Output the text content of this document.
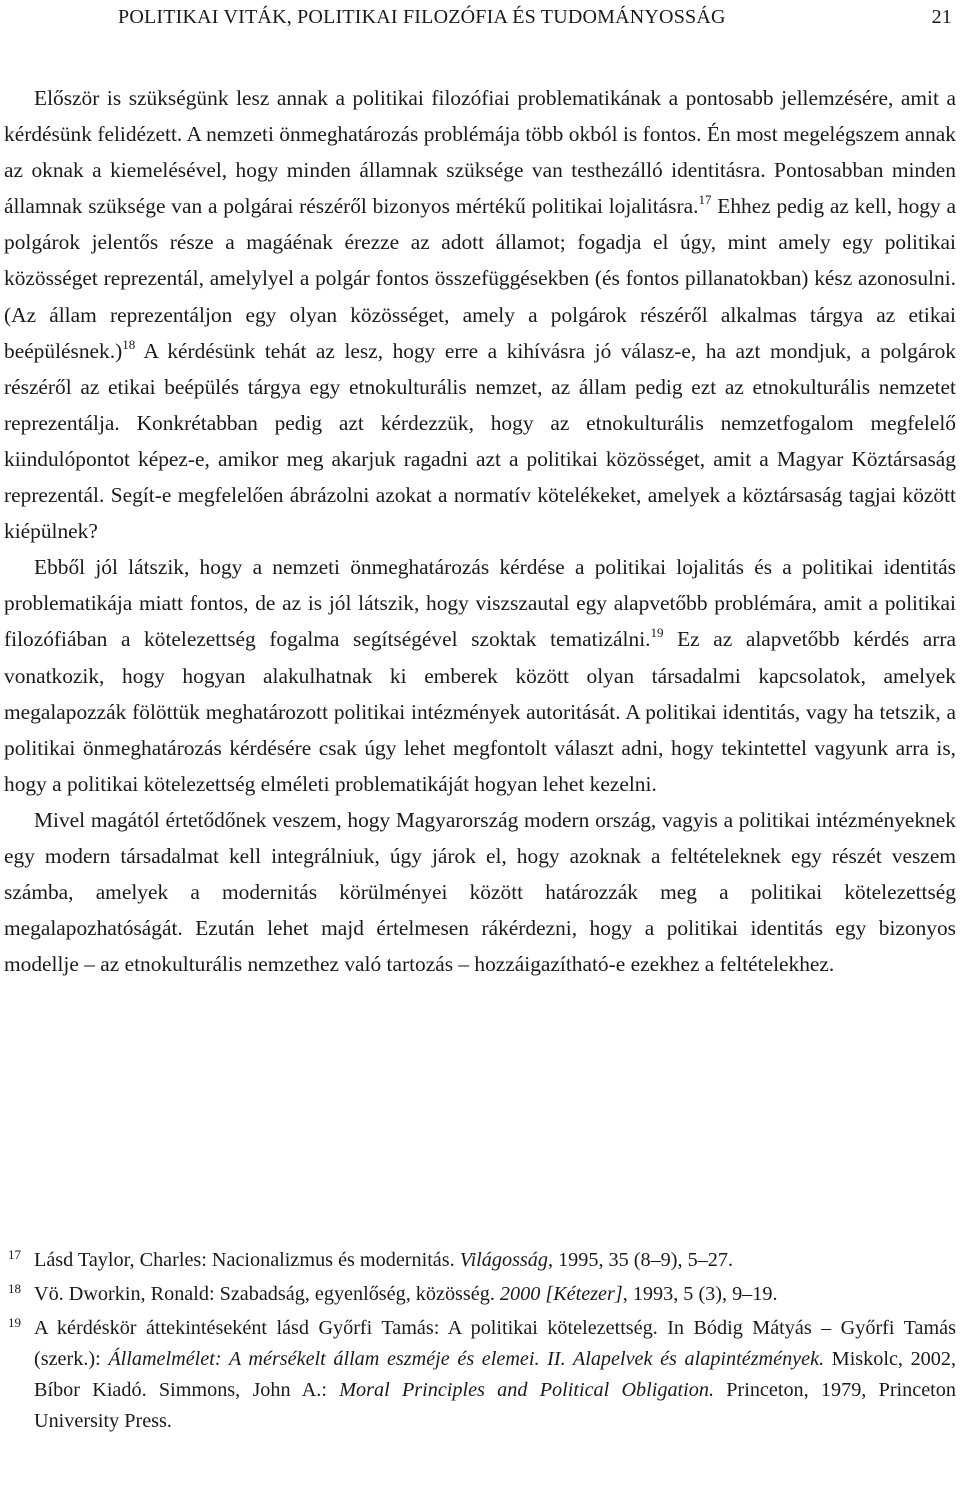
POLITIKAI VITÁK, POLITIKAI FILOZÓFIA ÉS TUDOMÁNYOSSÁG	21

Először is szükségünk lesz annak a politikai filozófiai problematikának a pontosabb jellemzésére, amit a kérdésünk felidézett. A nemzeti önmeghatározás problémája több okból is fontos. Én most megelégszem annak az oknak a kiemelésével, hogy minden államnak szüksége van testhezálló identitásra. Pontosabban minden államnak szüksége van a polgárai részéről bizonyos mértékű politikai lojalitásra.$^{17}$ Ehhez pedig az kell, hogy a polgárok jelentős része a magáénak érezze az adott államot; fogadja el úgy, mint amely egy politikai közösséget reprezentál, amelylyel a polgár fontos összefüggésekben (és fontos pillanatokban) kész azonosulni. (Az állam reprezentáljon egy olyan közösséget, amely a polgárok részéről alkalmas tárgya az etikai beépülésnek.)$^{18}$ A kérdésünk tehát az lesz, hogy erre a kihívásra jó válasz-e, ha azt mondjuk, a polgárok részéről az etikai beépülés tárgya egy etnokulturális nemzet, az állam pedig ezt az etnokulturális nemzetet reprezentálja. Konkrétabban pedig azt kérdezzük, hogy az etnokulturális nemzetfogalom megfelelő kiindulópontot képez-e, amikor meg akarjuk ragadni azt a politikai közösséget, amit a Magyar Köztársaság reprezentál. Segít-e megfelelően ábrázolni azokat a normatív kötelékeket, amelyek a köztársaság tagjai között kiépülnek?

Ebből jól látszik, hogy a nemzeti önmeghatározás kérdése a politikai lojalitás és a politikai identitás problematikája miatt fontos, de az is jól látszik, hogy viszszautal egy alapvetőbb problémára, amit a politikai filozófiában a kötelezettség fogalma segítségével szoktak tematizálni.$^{19}$ Ez az alapvetőbb kérdés arra vonatkozik, hogy hogyan alakulhatnak ki emberek között olyan társadalmi kapcsolatok, amelyek megalapozzák fölöttük meghatározott politikai intézmények autoritását. A politikai identitás, vagy ha tetszik, a politikai önmeghatározás kérdésére csak úgy lehet megfontolt választ adni, hogy tekintettel vagyunk arra is, hogy a politikai kötelezettség elméleti problematikáját hogyan lehet kezelni.

Mivel magától értetődőnek veszem, hogy Magyarország modern ország, vagyis a politikai intézményeknek egy modern társadalmat kell integrálniuk, úgy járok el, hogy azoknak a feltételeknek egy részét veszem számba, amelyek a modernitás körülményei között határozzák meg a politikai kötelezettség megalapozhatóságát. Ezután lehet majd értelmesen rákérdezni, hogy a politikai identitás egy bizonyos modellje – az etnokulturális nemzethez való tartozás – hozzáigazítható-e ezekhez a feltételekhez.

17 Lásd Taylor, Charles: Nacionalizmus és modernitás. Világosság, 1995, 35 (8–9), 5–27.
18 Vö. Dworkin, Ronald: Szabadság, egyenlőség, közösség. 2000 [Kétezer], 1993, 5 (3), 9–19.
19 A kérdéskör áttekintéseként lásd Győrfi Tamás: A politikai kötelezettség. In Bódig Mátyás – Győrfi Tamás (szerk.): Államelmélet: A mérsékelt állam eszméje és elemei. II. Alapelvek és alapintézmények. Miskolc, 2002, Bíbor Kiadó. Simmons, John A.: Moral Principles and Political Obligation. Princeton, 1979, Princeton University Press.
